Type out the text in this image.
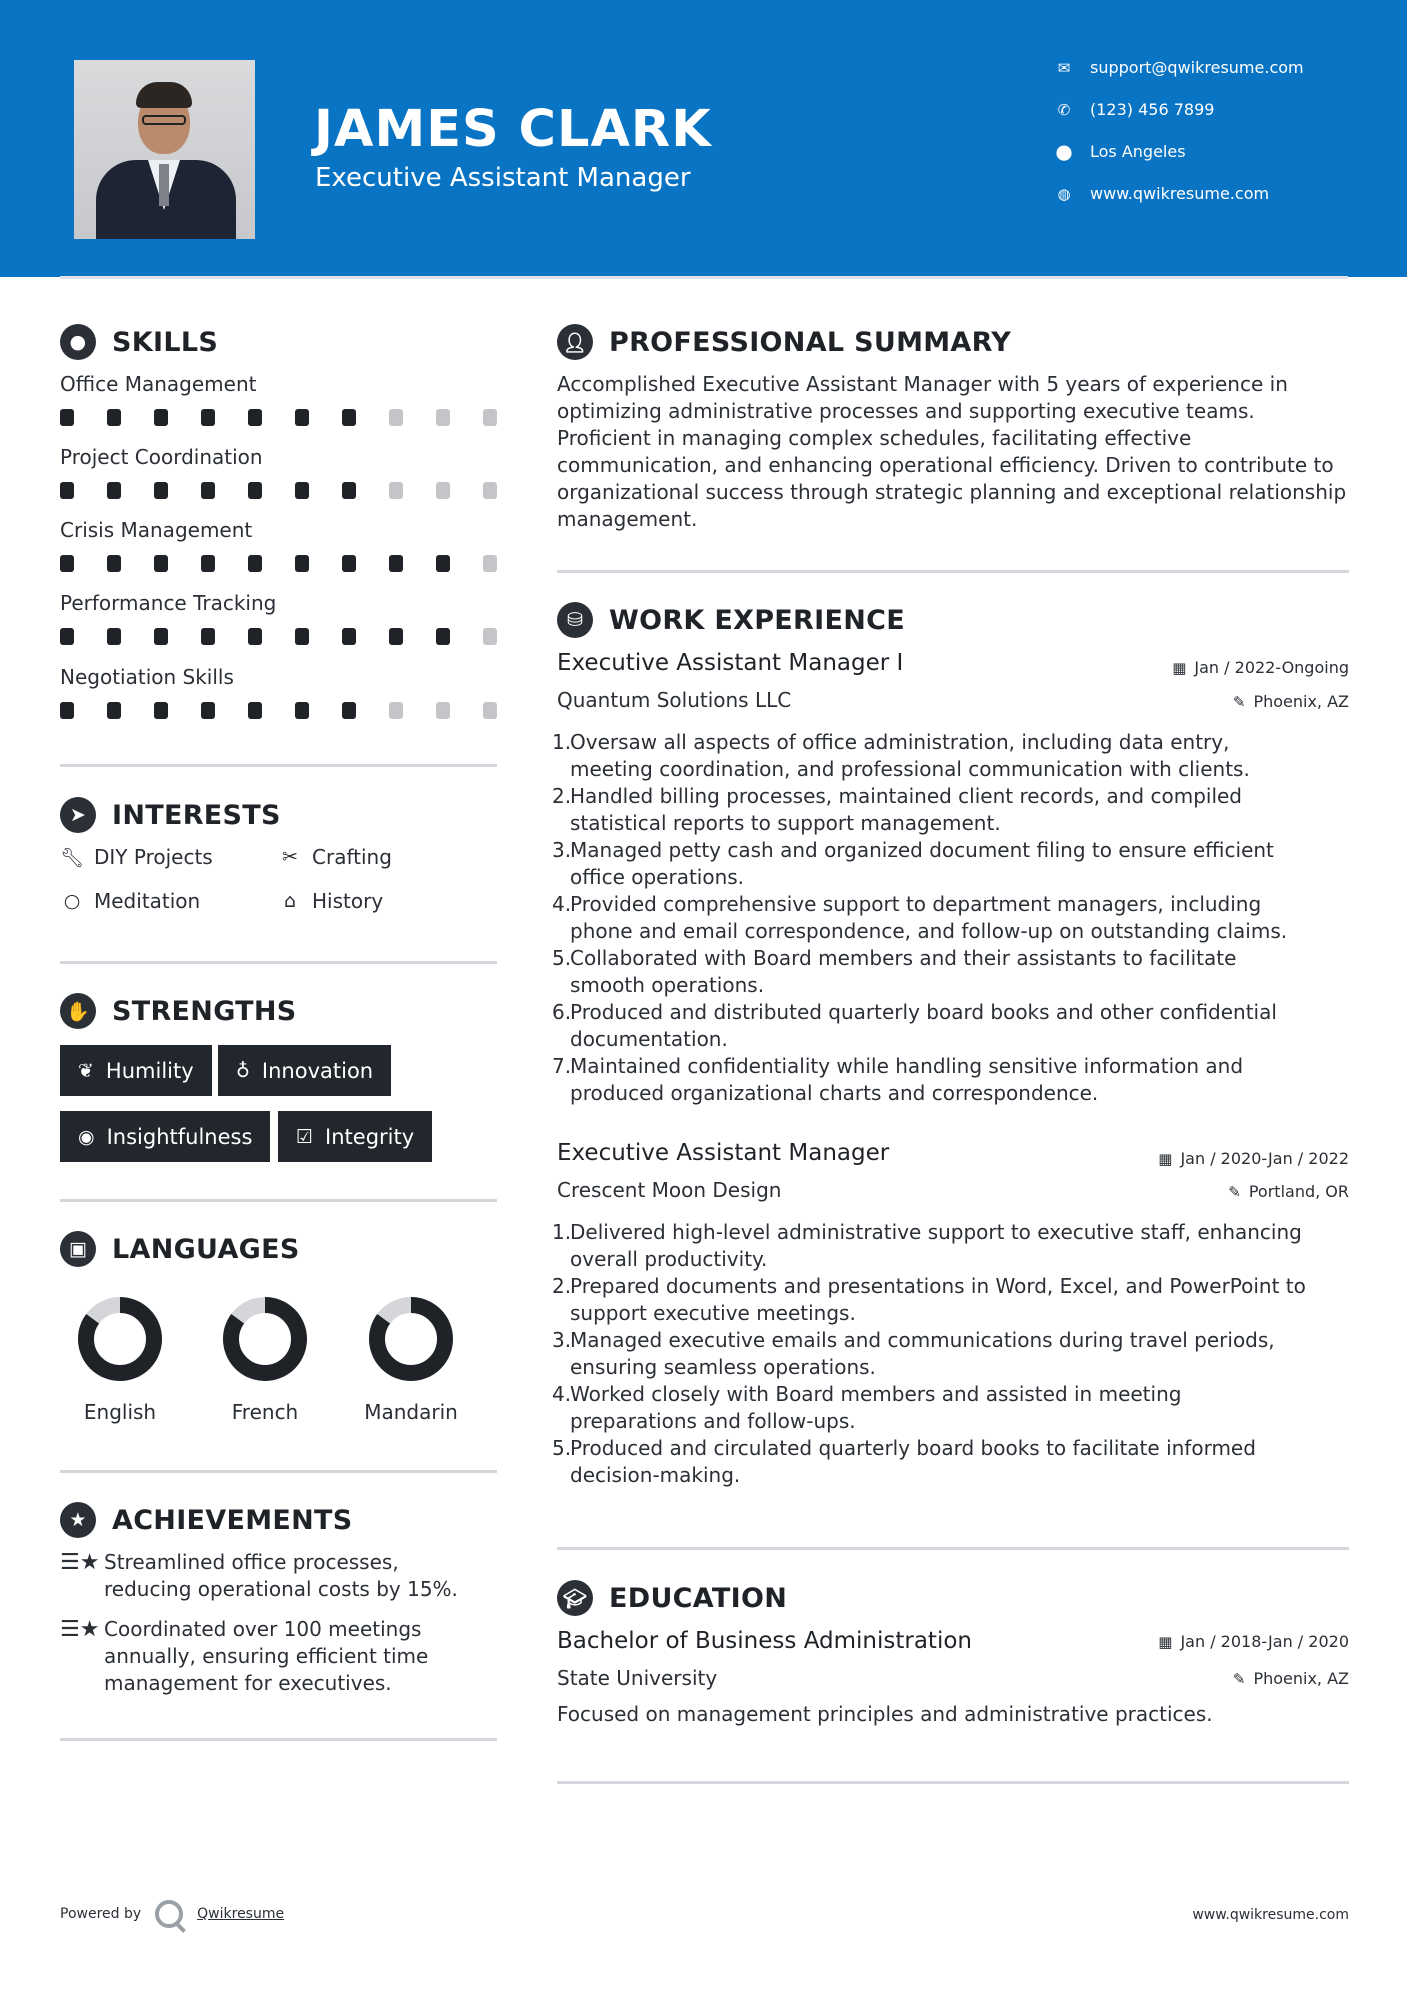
JAMES CLARK
Executive Assistant Manager
✉	support@qwikresume.com
✆	(123) 456 7899
⬤ Los Angeles
◍	www.qwikresume.com
● SKILLS
Office Management
Project Coordination
Crisis Management
Performance Tracking
Negotiation Skills
➤ INTERESTS
🔧︎ DIY Projects	✂ Crafting
○ Meditation	⌂ History
✋ STRENGTHS
❦ Humility ♁ Innovation
◉ Insightfulness ☑ Integrity
▣ LANGUAGES
English	French	Mandarin
★ ACHIEVEMENTS
☰★ Streamlined office processes,
reducing operational costs by 15%.
☰★ Coordinated over 100 meetings
annually, ensuring efficient time
management for executives.
👤︎ PROFESSIONAL SUMMARY
Accomplished Executive Assistant Manager with 5 years of experience in optimizing administrative processes and supporting executive teams. Proficient in managing complex schedules, facilitating effective communication, and enhancing operational efficiency. Driven to contribute to organizational success through strategic planning and exceptional relationship management.
⛁ WORK EXPERIENCE
Executive Assistant Manager I	▦ Jan / 2022-Ongoing
Quantum Solutions LLC	✎ Phoenix, AZ
1.
Oversaw all aspects of office administration, including data entry,
meeting coordination, and professional communication with clients.
2.
Handled billing processes, maintained client records, and compiled
statistical reports to support management.
3.
Managed petty cash and organized document filing to ensure efficient
office operations.
4.
Provided comprehensive support to department managers, including
phone and email correspondence, and follow-up on outstanding claims.
5.
Collaborated with Board members and their assistants to facilitate
smooth operations.
6.
Produced and distributed quarterly board books and other confidential
documentation.
7.
Maintained confidentiality while handling sensitive information and
produced organizational charts and correspondence.
Executive Assistant Manager	▦ Jan / 2020-Jan / 2022
Crescent Moon Design	✎ Portland, OR
1.
Delivered high-level administrative support to executive staff, enhancing
overall productivity.
2.
Prepared documents and presentations in Word, Excel, and PowerPoint to
support executive meetings.
3.
Managed executive emails and communications during travel periods,
ensuring seamless operations.
4.
Worked closely with Board members and assisted in meeting
preparations and follow-ups.
5.
Produced and circulated quarterly board books to facilitate informed
decision-making.
🎓︎ EDUCATION
Bachelor of Business Administration	▦ Jan / 2018-Jan / 2020
State University	✎ Phoenix, AZ
Focused on management principles and administrative practices.
Powered by	Qwikresume	www.qwikresume.com
